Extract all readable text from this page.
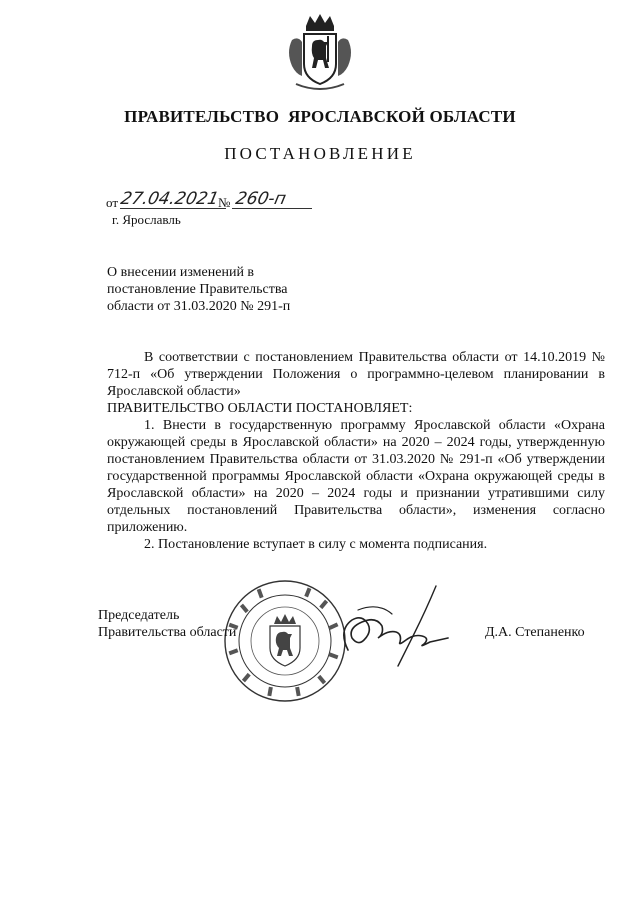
ПРАВИТЕЛЬСТВО  ЯРОСЛАВСКОЙ ОБЛАСТИ
ПОСТАНОВЛЕНИЕ
от 27.04.2021
№ 260-п
г. Ярославль
О внесении изменений в постановление Правительства области от 31.03.2020 № 291-п

В соответствии с постановлением Правительства области от 14.10.2019 № 712-п «Об утверждении Положения о программно-целевом планировании в Ярославской области»

ПРАВИТЕЛЬСТВО ОБЛАСТИ ПОСТАНОВЛЯЕТ:

1. Внести в государственную программу Ярославской области «Охрана окружающей среды в Ярославской области» на 2020 – 2024 годы, утвержденную постановлением Правительства области от 31.03.2020 № 291-п «Об утверждении государственной программы Ярославской области «Охрана окружающей среды в Ярославской области» на 2020 – 2024 годы и признании утратившими силу отдельных постановлений Правительства области», изменения согласно приложению.

2. Постановление вступает в силу с момента подписания.

Председатель
Правительства области	Д.А. Степаненко
